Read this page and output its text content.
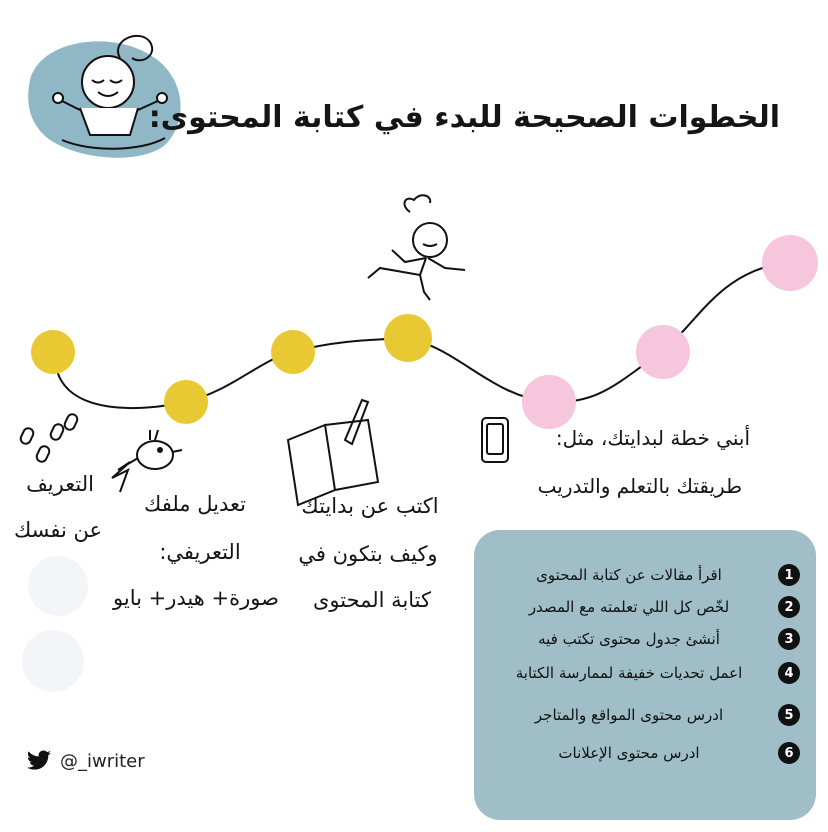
الخطوات الصحيحة للبدء في كتابة المحتوى:
التعريف
عن نفسك
تعديل ملفك
التعريفي:
صورة+ هيدر+ بايو
اكتب عن بدايتك
وكيف بتكون في
كتابة المحتوى
أبني خطة لبدايتك، مثل:
طريقتك بالتعلم والتدريب
1
اقرأ مقالات عن كتابة المحتوى
2
لخّص كل اللي تعلمته مع المصدر
3
أنشئ جدول محتوى تكتب فيه
4
اعمل تحديات خفيفة لممارسة الكتابة
5
ادرس محتوى المواقع والمتاجر
6
ادرس محتوى الإعلانات
@_iwriter
